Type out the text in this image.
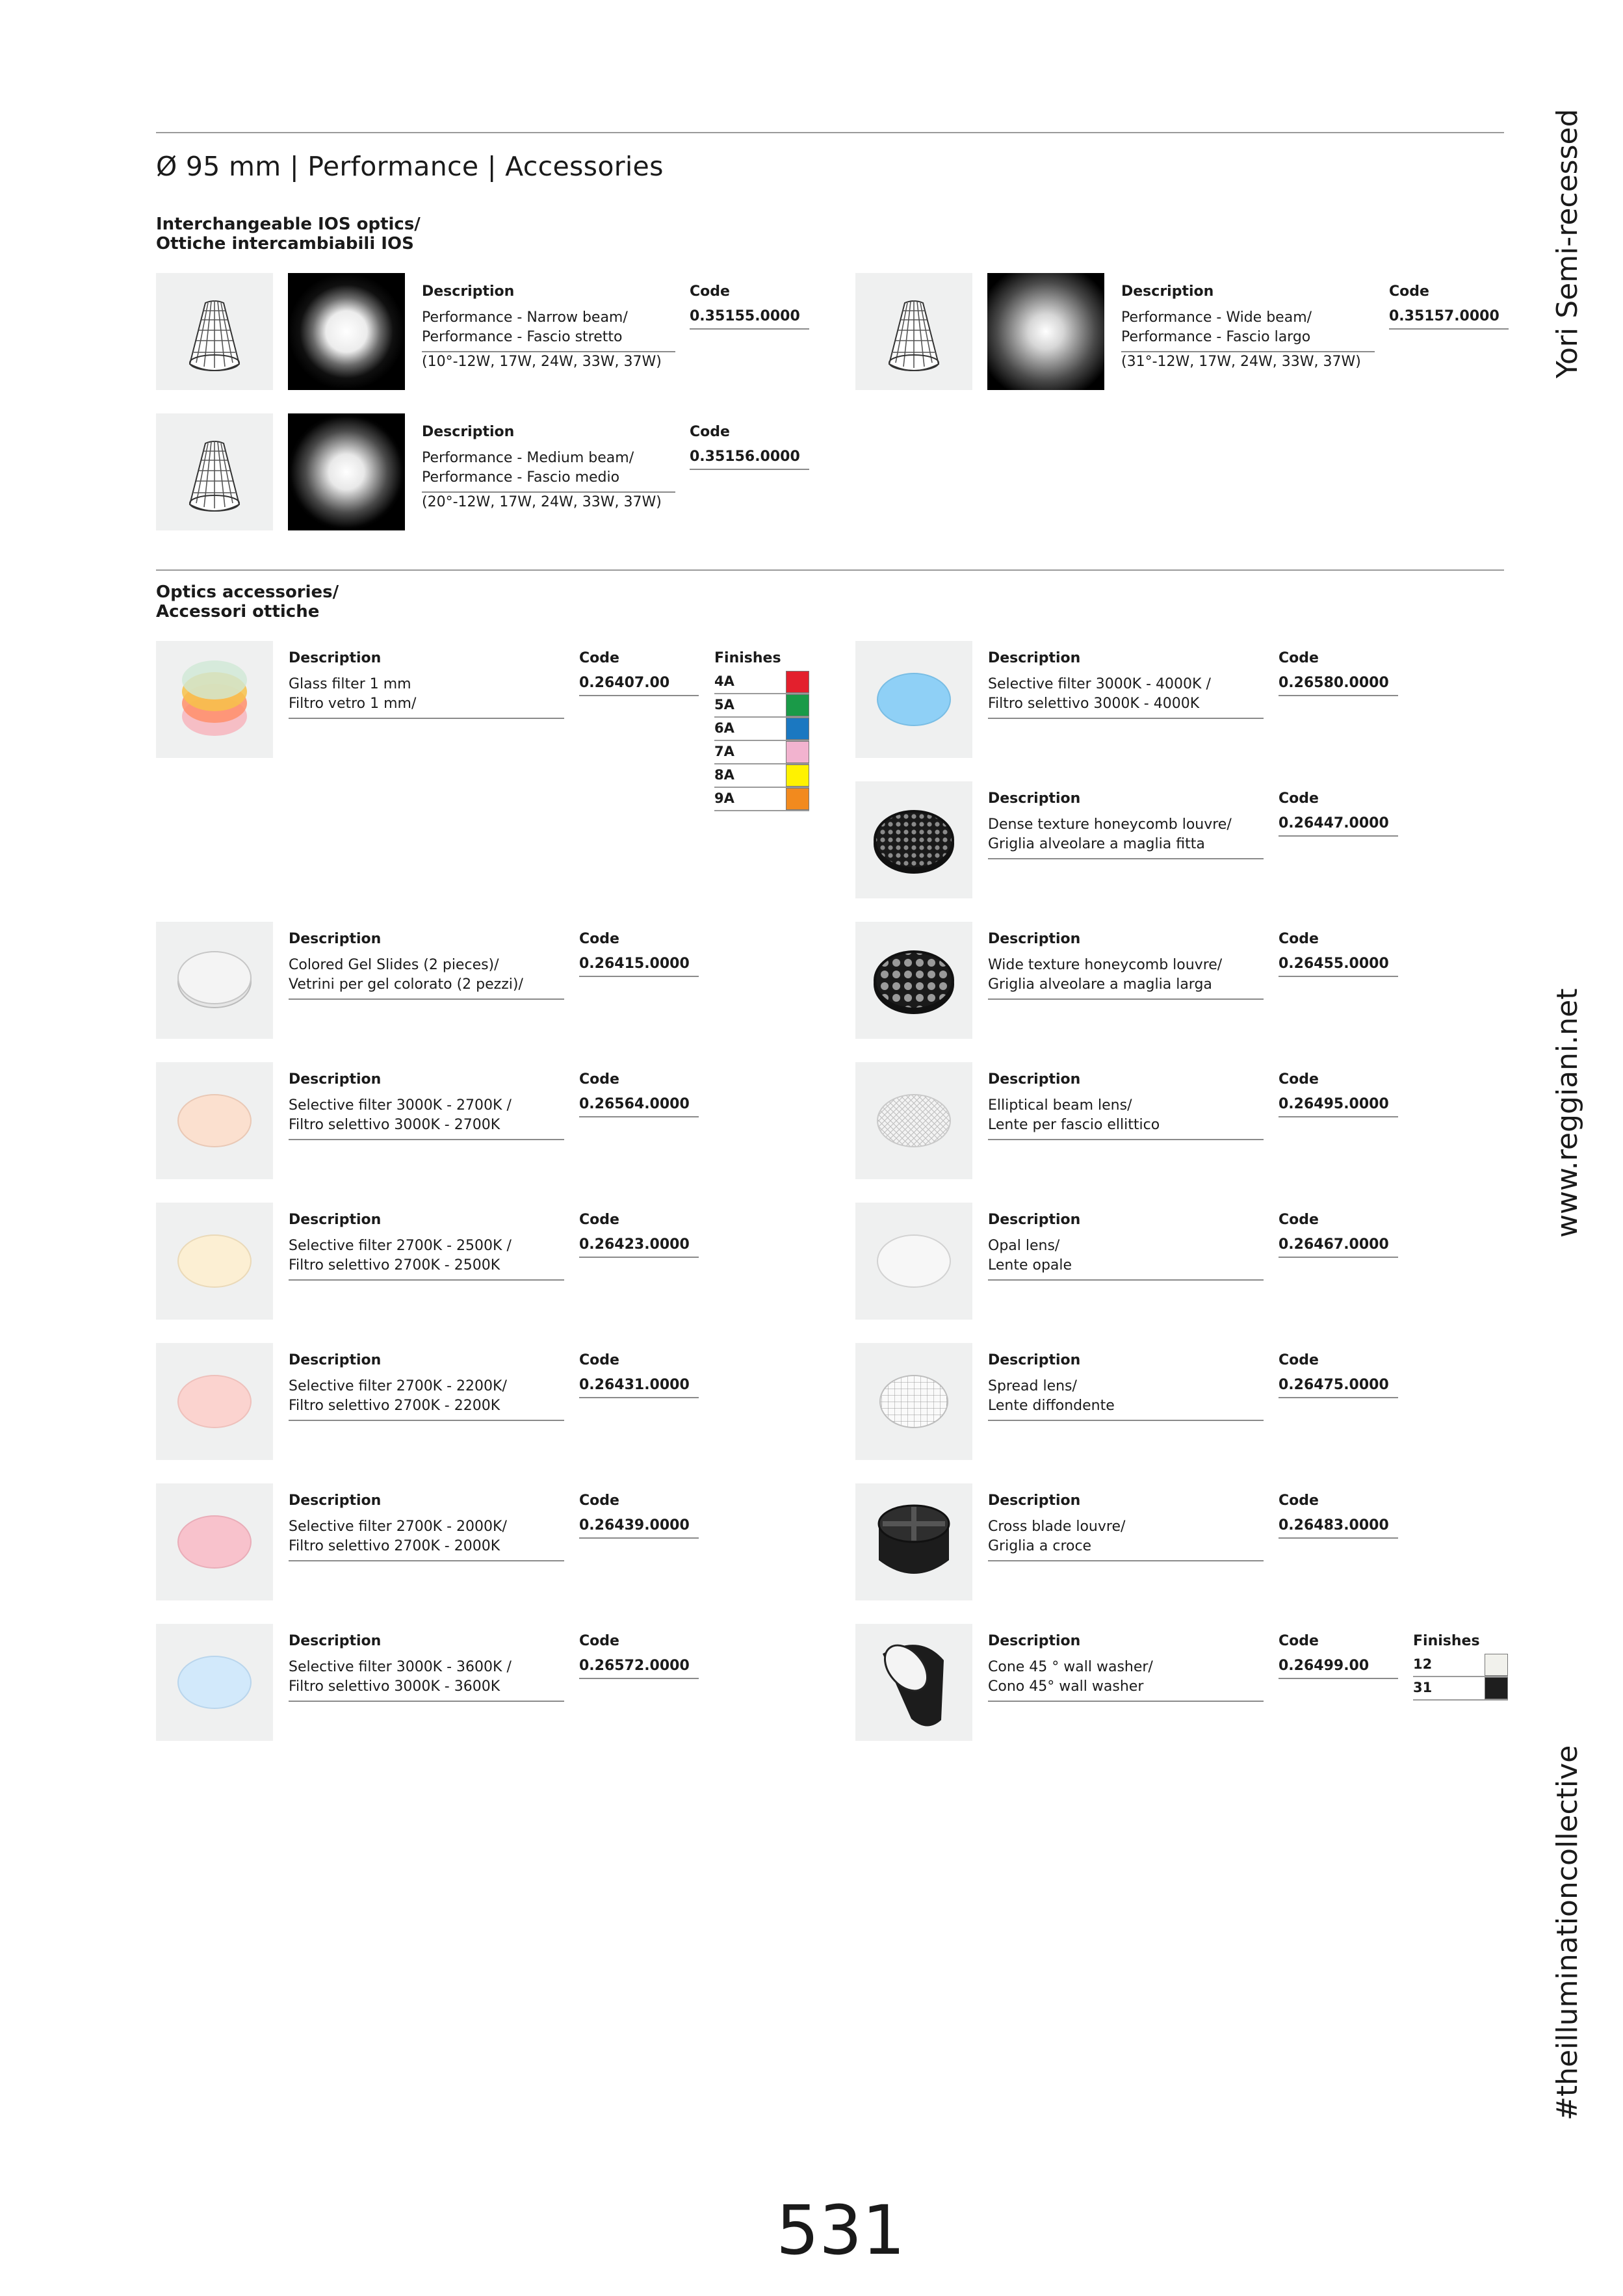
Ø 95 mm | Performance | Accessories
Interchangeable IOS optics/
Ottiche intercambiabili IOS
Description
Performance - Narrow beam/
Performance - Fascio stretto
(10°-12W, 17W, 24W, 33W, 37W)
Code
0.35155.0000
Description
Performance - Wide beam/
Performance - Fascio largo
(31°-12W, 17W, 24W, 33W, 37W)
Code
0.35157.0000
Description
Performance - Medium beam/
Performance - Fascio medio
(20°-12W, 17W, 24W, 33W, 37W)
Code
0.35156.0000
Optics accessories/
Accessori ottiche
Description
Glass filter 1 mm
Filtro vetro 1 mm/
Code
0.26407.00
Finishes
4A
5A
6A
7A
8A
9A
Description
Colored Gel Slides (2 pieces)/
Vetrini per gel colorato (2 pezzi)/
Code
0.26415.0000
Description
Selective filter 3000K - 2700K /
Filtro selettivo 3000K - 2700K
Code
0.26564.0000
Description
Selective filter 2700K - 2500K /
Filtro selettivo 2700K - 2500K
Code
0.26423.0000
Description
Selective filter 2700K - 2200K/
Filtro selettivo 2700K - 2200K
Code
0.26431.0000
Description
Selective filter 2700K - 2000K/
Filtro selettivo 2700K - 2000K
Code
0.26439.0000
Description
Selective filter 3000K - 3600K /
Filtro selettivo 3000K - 3600K
Code
0.26572.0000
Description
Selective filter 3000K - 4000K /
Filtro selettivo 3000K - 4000K
Code
0.26580.0000
Description
Dense texture honeycomb louvre/
Griglia alveolare a maglia fitta
Code
0.26447.0000
Description
Wide texture honeycomb louvre/
Griglia alveolare a maglia larga
Code
0.26455.0000
Description
Elliptical beam lens/
Lente per fascio ellittico
Code
0.26495.0000
Description
Opal lens/
Lente opale
Code
0.26467.0000
Description
Spread lens/
Lente diffondente
Code
0.26475.0000
Description
Cross blade louvre/
Griglia a croce
Code
0.26483.0000
Description
Cone 45 ° wall washer/
Cono 45° wall washer
Code
0.26499.00
Finishes
12
31
Yori Semi-recessed
www.reggiani.net
#theilluminationcollective
531
